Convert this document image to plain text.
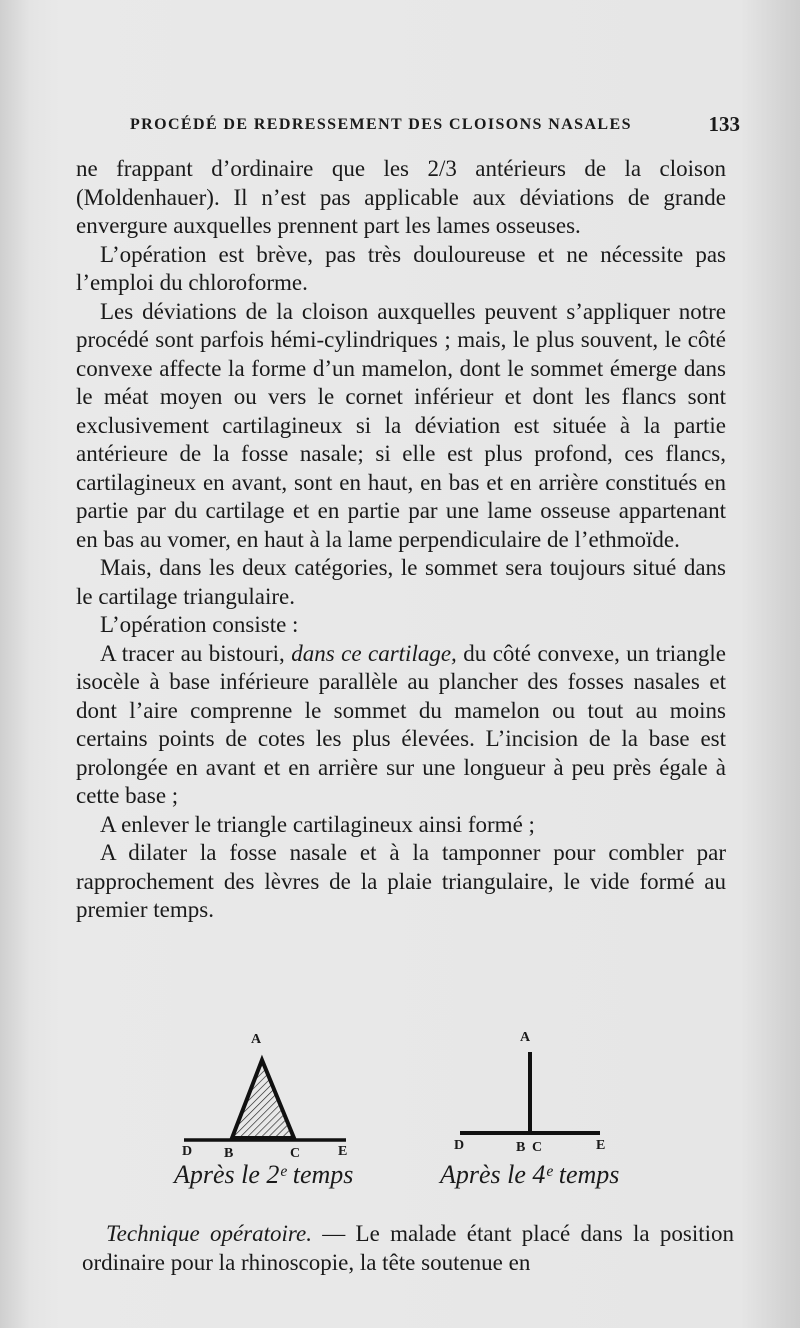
PROCÉDÉ DE REDRESSEMENT DES CLOISONS NASALES	133

ne frappant d’ordinaire que les 2/3 antérieurs de la cloison (Moldenhauer). Il n’est pas applicable aux déviations de grande envergure auxquelles prennent part les lames osseuses.

L’opération est brève, pas très douloureuse et ne nécessite pas l’emploi du chloroforme.

Les déviations de la cloison auxquelles peuvent s’appliquer notre procédé sont parfois hémi-cylindriques ; mais, le plus souvent, le côté convexe affecte la forme d’un mamelon, dont le sommet émerge dans le méat moyen ou vers le cornet inférieur et dont les flancs sont exclusivement cartilagineux si la déviation est située à la partie antérieure de la fosse nasale; si elle est plus profond, ces flancs, cartilagineux en avant, sont en haut, en bas et en arrière constitués en partie par du cartilage et en partie par une lame osseuse appartenant en bas au vomer, en haut à la lame perpendiculaire de l’ethmoïde.

Mais, dans les deux catégories, le sommet sera toujours situé dans le cartilage triangulaire.

L’opération consiste :

A tracer au bistouri, dans ce cartilage, du côté convexe, un triangle isocèle à base inférieure parallèle au plancher des fosses nasales et dont l’aire comprenne le sommet du mamelon ou tout au moins certains points de cotes les plus élevées. L’incision de la base est prolongée en avant et en arrière sur une longueur à peu près égale à cette base ;

A enlever le triangle cartilagineux ainsi formé ;

A dilater la fosse nasale et à la tamponner pour combler par rapprochement des lèvres de la plaie triangulaire, le vide formé au premier temps.

A
D B	C	E
Après le 2ᵉ temps
A
D	B C	E
Après le 4ᵉ temps

Technique opératoire. — Le malade étant placé dans la position ordinaire pour la rhinoscopie, la tête soutenue en
